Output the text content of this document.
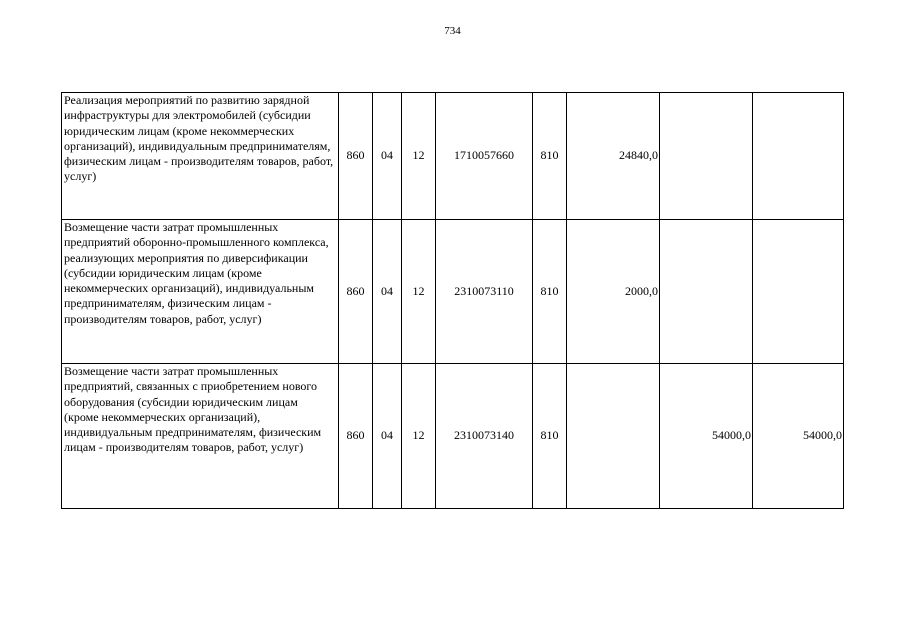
734
Реализация мероприятий по развитию зарядной инфраструктуры для электромобилей (субсидии юридическим лицам (кроме некоммерческих организаций), индивидуальным предпринимателям, физическим лицам - производителям товаров, работ, услуг)	860	04	12	1710057660	810	24840,0		
Возмещение части затрат промышленных предприятий оборонно-промышленного комплекса, реализующих мероприятия по диверсификации (субсидии юридическим лицам (кроме некоммерческих организаций), индивидуальным предпринимателям, физическим лицам - производителям товаров, работ, услуг)	860	04	12	2310073110	810	2000,0		
Возмещение части затрат промышленных предприятий, связанных с приобретением нового оборудования (субсидии юридическим лицам (кроме некоммерческих организаций), индивидуальным предпринимателям, физическим лицам - производителям товаров, работ, услуг)	860	04	12	2310073140	810		54000,0	54000,0
